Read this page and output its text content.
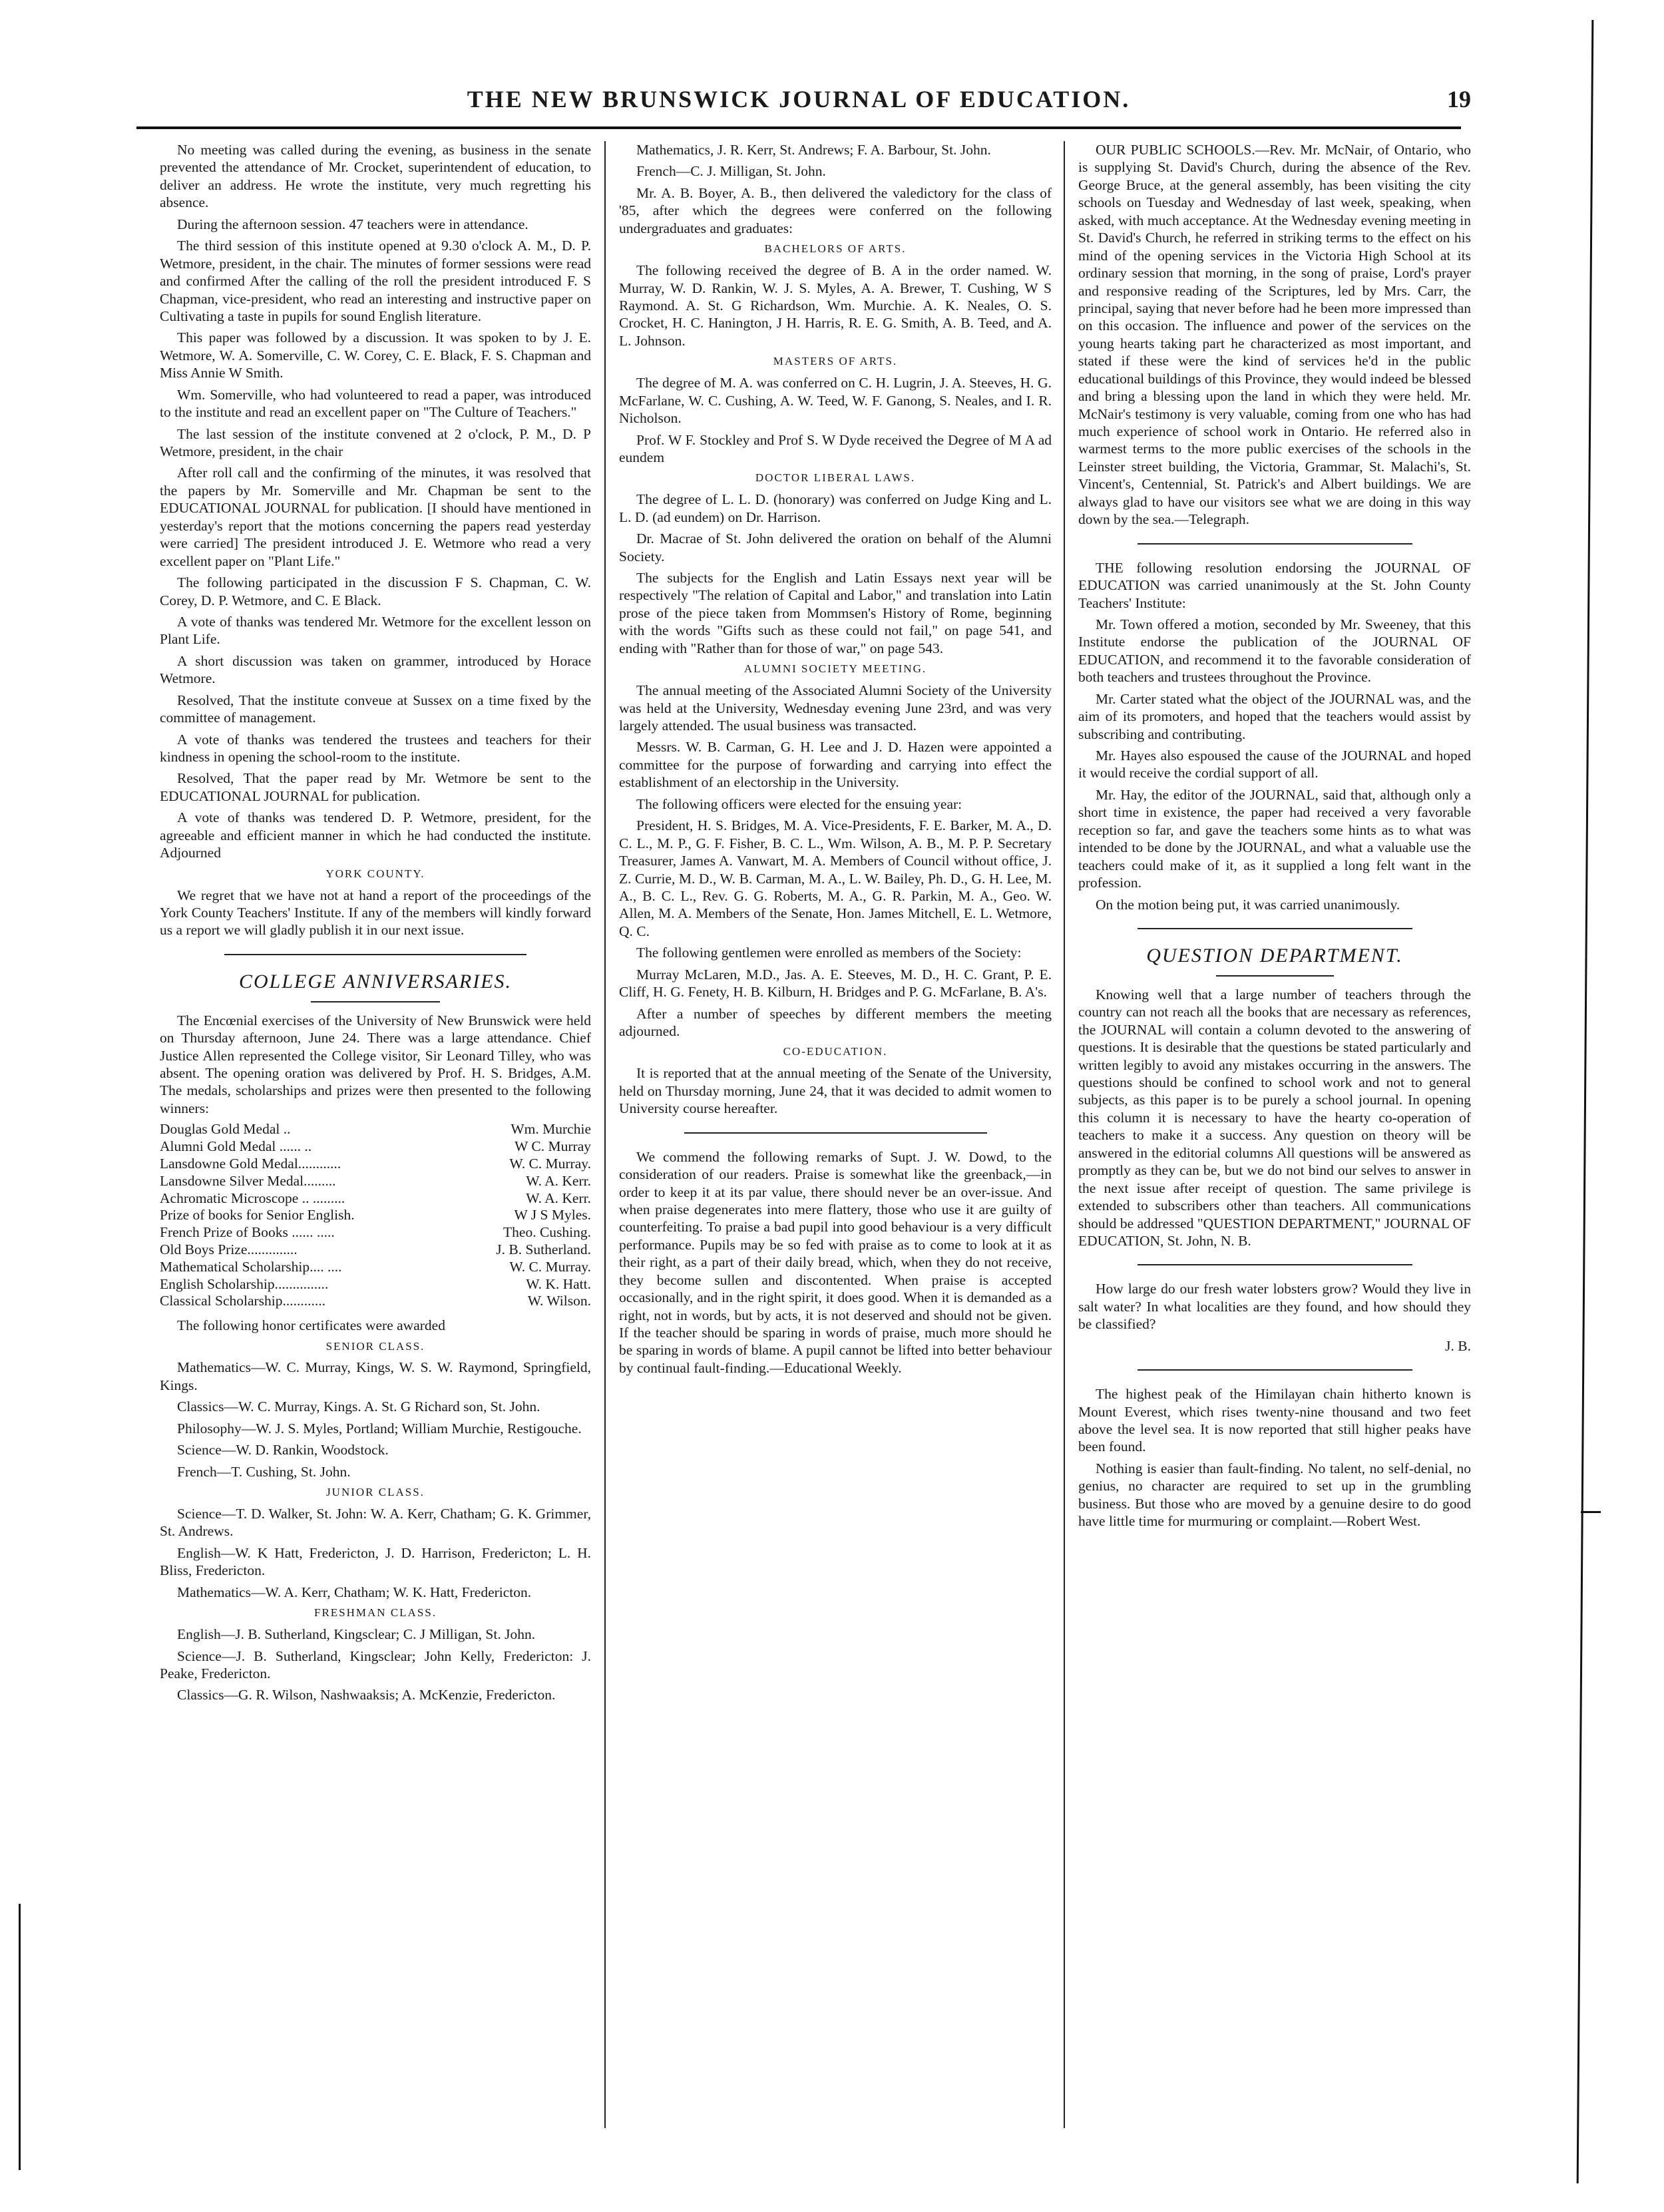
THE NEW BRUNSWICK JOURNAL OF EDUCATION.	19

No meeting was called during the evening, as business in the senate prevented the attendance of Mr. Crocket, superintendent of education, to deliver an address. He wrote the institute, very much regretting his absence.

During the afternoon session. 47 teachers were in attendance.

The third session of this institute opened at 9.30 o'clock A. M., D. P. Wetmore, president, in the chair. The minutes of former sessions were read and confirmed After the calling of the roll the president introduced F. S Chapman, vice-president, who read an interesting and instructive paper on Cultivating a taste in pupils for sound English literature.

This paper was followed by a discussion. It was spoken to by J. E. Wetmore, W. A. Somerville, C. W. Corey, C. E. Black, F. S. Chapman and Miss Annie W Smith.

Wm. Somerville, who had volunteered to read a paper, was introduced to the institute and read an excellent paper on "The Culture of Teachers."

The last session of the institute convened at 2 o'clock, P. M., D. P Wetmore, president, in the chair

After roll call and the confirming of the minutes, it was resolved that the papers by Mr. Somerville and Mr. Chapman be sent to the EDUCATIONAL JOURNAL for publication. [I should have mentioned in yesterday's report that the motions concerning the papers read yesterday were carried] The president introduced J. E. Wetmore who read a very excellent paper on "Plant Life."

The following participated in the discussion F S. Chapman, C. W. Corey, D. P. Wetmore, and C. E Black.

A vote of thanks was tendered Mr. Wetmore for the excellent lesson on Plant Life.

A short discussion was taken on grammer, introduced by Horace Wetmore.

Resolved, That the institute conveue at Sussex on a time fixed by the committee of management.

A vote of thanks was tendered the trustees and teachers for their kindness in opening the school-room to the institute.

Resolved, That the paper read by Mr. Wetmore be sent to the EDUCATIONAL JOURNAL for publication.

A vote of thanks was tendered D. P. Wetmore, president, for the agreeable and efficient manner in which he had conducted the institute. Adjourned

YORK COUNTY.

We regret that we have not at hand a report of the proceedings of the York County Teachers' Institute. If any of the members will kindly forward us a report we will gladly publish it in our next issue.

COLLEGE ANNIVERSARIES.

The Encœnial exercises of the University of New Brunswick were held on Thursday afternoon, June 24. There was a large attendance. Chief Justice Allen represented the College visitor, Sir Leonard Tilley, who was absent. The opening oration was delivered by Prof. H. S. Bridges, A.M. The medals, scholarships and prizes were then presented to the following winners:

Douglas Gold Medal ..	Wm. Murchie
Alumni Gold Medal ...... ..	W C. Murray
Lansdowne Gold Medal............	W. C. Murray.
Lansdowne Silver Medal.........	W. A. Kerr.
Achromatic Microscope .. .........	W. A. Kerr.
Prize of books for Senior English.	W J S Myles.
French Prize of Books ...... .....	Theo. Cushing.
Old Boys Prize..............	J. B. Sutherland.
Mathematical Scholarship.... ....	W. C. Murray.
English Scholarship...............	W. K. Hatt.
Classical Scholarship............	W. Wilson.

The following honor certificates were awarded

SENIOR CLASS.

Mathematics—W. C. Murray, Kings, W. S. W. Raymond, Springfield, Kings.

Classics—W. C. Murray, Kings. A. St. G Richard son, St. John.

Philosophy—W. J. S. Myles, Portland; William Murchie, Restigouche.

Science—W. D. Rankin, Woodstock.

French—T. Cushing, St. John.

JUNIOR CLASS.

Science—T. D. Walker, St. John: W. A. Kerr, Chatham; G. K. Grimmer, St. Andrews.

English—W. K Hatt, Fredericton, J. D. Harrison, Fredericton; L. H. Bliss, Fredericton.

Mathematics—W. A. Kerr, Chatham; W. K. Hatt, Fredericton.

FRESHMAN CLASS.

English—J. B. Sutherland, Kingsclear; C. J Milligan, St. John.

Science—J. B. Sutherland, Kingsclear; John Kelly, Fredericton: J. Peake, Fredericton.

Classics—G. R. Wilson, Nashwaaksis; A. McKenzie, Fredericton.

Mathematics, J. R. Kerr, St. Andrews; F. A. Barbour, St. John.

French—C. J. Milligan, St. John.

Mr. A. B. Boyer, A. B., then delivered the valedictory for the class of '85, after which the degrees were conferred on the following undergraduates and graduates:

BACHELORS OF ARTS.

The following received the degree of B. A in the order named. W. Murray, W. D. Rankin, W. J. S. Myles, A. A. Brewer, T. Cushing, W S Raymond. A. St. G Richardson, Wm. Murchie. A. K. Neales, O. S. Crocket, H. C. Hanington, J H. Harris, R. E. G. Smith, A. B. Teed, and A. L. Johnson.

MASTERS OF ARTS.

The degree of M. A. was conferred on C. H. Lugrin, J. A. Steeves, H. G. McFarlane, W. C. Cushing, A. W. Teed, W. F. Ganong, S. Neales, and I. R. Nicholson.

Prof. W F. Stockley and Prof S. W Dyde received the Degree of M A ad eundem

DOCTOR LIBERAL LAWS.

The degree of L. L. D. (honorary) was conferred on Judge King and L. L. D. (ad eundem) on Dr. Harrison.

Dr. Macrae of St. John delivered the oration on behalf of the Alumni Society.

The subjects for the English and Latin Essays next year will be respectively "The relation of Capital and Labor," and translation into Latin prose of the piece taken from Mommsen's History of Rome, beginning with the words "Gifts such as these could not fail," on page 541, and ending with "Rather than for those of war," on page 543.

ALUMNI SOCIETY MEETING.

The annual meeting of the Associated Alumni Society of the University was held at the University, Wednesday evening June 23rd, and was very largely attended. The usual business was transacted.

Messrs. W. B. Carman, G. H. Lee and J. D. Hazen were appointed a committee for the purpose of forwarding and carrying into effect the establishment of an electorship in the University.

The following officers were elected for the ensuing year:

President, H. S. Bridges, M. A. Vice-Presidents, F. E. Barker, M. A., D. C. L., M. P., G. F. Fisher, B. C. L., Wm. Wilson, A. B., M. P. P. Secretary Treasurer, James A. Vanwart, M. A. Members of Council without office, J. Z. Currie, M. D., W. B. Carman, M. A., L. W. Bailey, Ph. D., G. H. Lee, M. A., B. C. L., Rev. G. G. Roberts, M. A., G. R. Parkin, M. A., Geo. W. Allen, M. A. Members of the Senate, Hon. James Mitchell, E. L. Wetmore, Q. C.

The following gentlemen were enrolled as members of the Society:

Murray McLaren, M.D., Jas. A. E. Steeves, M. D., H. C. Grant, P. E. Cliff, H. G. Fenety, H. B. Kilburn, H. Bridges and P. G. McFarlane, B. A's.

After a number of speeches by different members the meeting adjourned.

CO-EDUCATION.

It is reported that at the annual meeting of the Senate of the University, held on Thursday morning, June 24, that it was decided to admit women to University course hereafter.

We commend the following remarks of Supt. J. W. Dowd, to the consideration of our readers. Praise is somewhat like the greenback,—in order to keep it at its par value, there should never be an over-issue. And when praise degenerates into mere flattery, those who use it are guilty of counterfeiting. To praise a bad pupil into good behaviour is a very difficult performance. Pupils may be so fed with praise as to come to look at it as their right, as a part of their daily bread, which, when they do not receive, they become sullen and discontented. When praise is accepted occasionally, and in the right spirit, it does good. When it is demanded as a right, not in words, but by acts, it is not deserved and should not be given. If the teacher should be sparing in words of praise, much more should he be sparing in words of blame. A pupil cannot be lifted into better behaviour by continual fault-finding.—Educational Weekly.

OUR PUBLIC SCHOOLS.—Rev. Mr. McNair, of Ontario, who is supplying St. David's Church, during the absence of the Rev. George Bruce, at the general assembly, has been visiting the city schools on Tuesday and Wednesday of last week, speaking, when asked, with much acceptance. At the Wednesday evening meeting in St. David's Church, he referred in striking terms to the effect on his mind of the opening services in the Victoria High School at its ordinary session that morning, in the song of praise, Lord's prayer and responsive reading of the Scriptures, led by Mrs. Carr, the principal, saying that never before had he been more impressed than on this occasion. The influence and power of the services on the young hearts taking part he characterized as most important, and stated if these were the kind of services he'd in the public educational buildings of this Province, they would indeed be blessed and bring a blessing upon the land in which they were held. Mr. McNair's testimony is very valuable, coming from one who has had much experience of school work in Ontario. He referred also in warmest terms to the more public exercises of the schools in the Leinster street building, the Victoria, Grammar, St. Malachi's, St. Vincent's, Centennial, St. Patrick's and Albert buildings. We are always glad to have our visitors see what we are doing in this way down by the sea.—Telegraph.

THE following resolution endorsing the JOURNAL OF EDUCATION was carried unanimously at the St. John County Teachers' Institute:

Mr. Town offered a motion, seconded by Mr. Sweeney, that this Institute endorse the publication of the JOURNAL OF EDUCATION, and recommend it to the favorable consideration of both teachers and trustees throughout the Province.

Mr. Carter stated what the object of the JOURNAL was, and the aim of its promoters, and hoped that the teachers would assist by subscribing and contributing.

Mr. Hayes also espoused the cause of the JOURNAL and hoped it would receive the cordial support of all.

Mr. Hay, the editor of the JOURNAL, said that, although only a short time in existence, the paper had received a very favorable reception so far, and gave the teachers some hints as to what was intended to be done by the JOURNAL, and what a valuable use the teachers could make of it, as it supplied a long felt want in the profession.

On the motion being put, it was carried unanimously.

QUESTION DEPARTMENT.

Knowing well that a large number of teachers through the country can not reach all the books that are necessary as references, the JOURNAL will contain a column devoted to the answering of questions. It is desirable that the questions be stated particularly and written legibly to avoid any mistakes occurring in the answers. The questions should be confined to school work and not to general subjects, as this paper is to be purely a school journal. In opening this column it is necessary to have the hearty co-operation of teachers to make it a success. Any question on theory will be answered in the editorial columns All questions will be answered as promptly as they can be, but we do not bind our selves to answer in the next issue after receipt of question. The same privilege is extended to subscribers other than teachers. All communications should be addressed "QUESTION DEPARTMENT," JOURNAL OF EDUCATION, St. John, N. B.

How large do our fresh water lobsters grow? Would they live in salt water? In what localities are they found, and how should they be classified?

J. B.

The highest peak of the Himilayan chain hitherto known is Mount Everest, which rises twenty-nine thousand and two feet above the level sea. It is now reported that still higher peaks have been found.

Nothing is easier than fault-finding. No talent, no self-denial, no genius, no character are required to set up in the grumbling business. But those who are moved by a genuine desire to do good have little time for murmuring or complaint.—Robert West.
